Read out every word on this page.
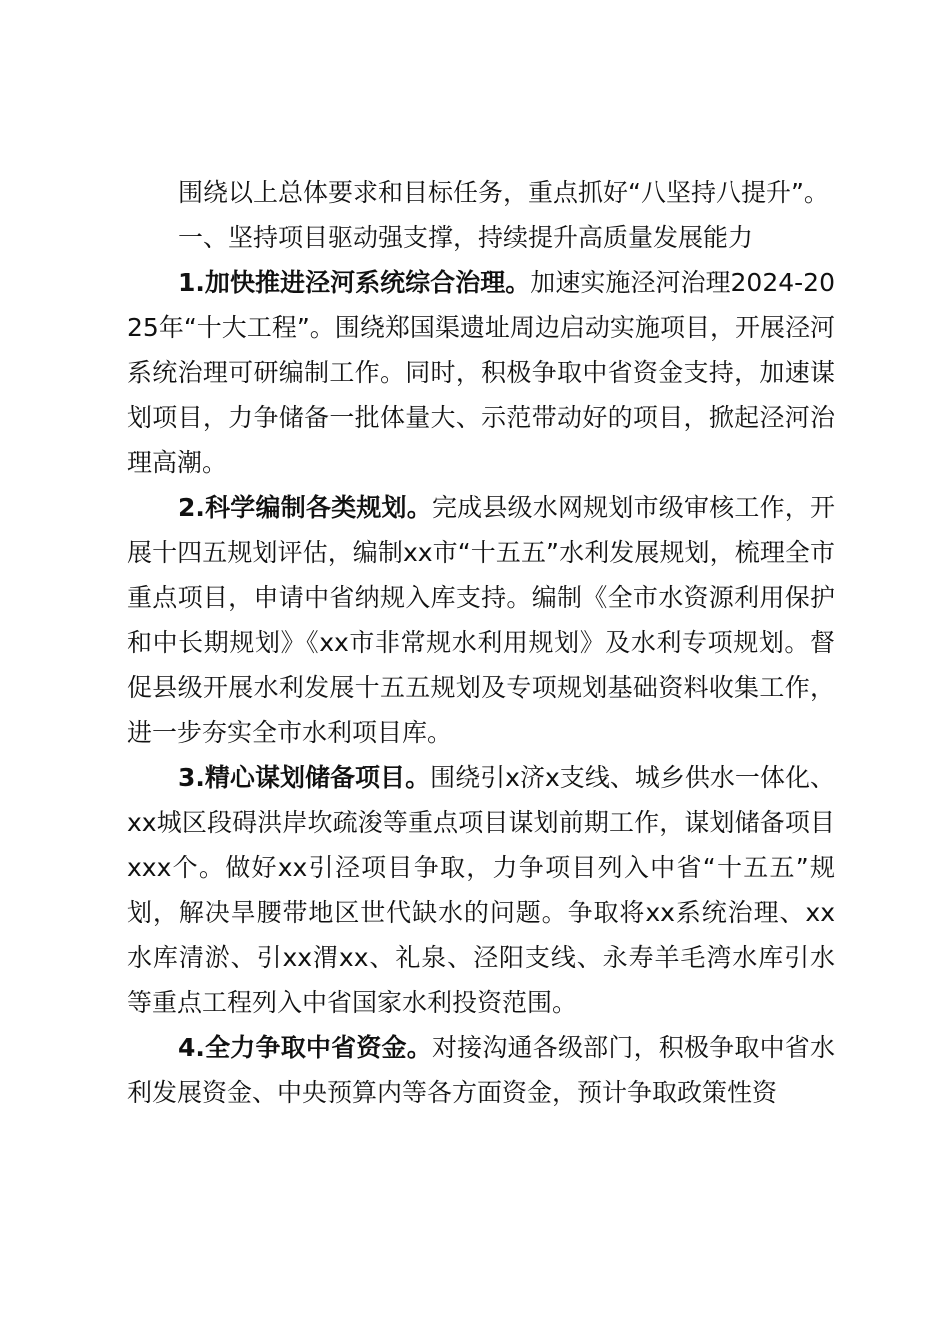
围绕以上总体要求和目标任务，重点抓好“八坚持八提升”。

一、坚持项目驱动强支撑，持续提升高质量发展能力

1.加快推进泾河系统综合治理。加速实施泾河治理2024-2025年“十大工程”。围绕郑国渠遗址周边启动实施项目，开展泾河系统治理可研编制工作。同时，积极争取中省资金支持，加速谋划项目，力争储备一批体量大、示范带动好的项目，掀起泾河治理高潮。

2.科学编制各类规划。完成县级水网规划市级审核工作，开展十四五规划评估，编制xx市“十五五”水利发展规划，梳理全市重点项目，申请中省纳规入库支持。编制《全市水资源利用保护和中长期规划》《xx市非常规水利用规划》及水利专项规划。督促县级开展水利发展十五五规划及专项规划基础资料收集工作，进一步夯实全市水利项目库。

3.精心谋划储备项目。围绕引x济x支线、城乡供水一体化、xx城区段碍洪岸坎疏浚等重点项目谋划前期工作，谋划储备项目xxx个。做好xx引泾项目争取，力争项目列入中省“十五五”规划，解决旱腰带地区世代缺水的问题。争取将xx系统治理、xx水库清淤、引xx渭xx、礼泉、泾阳支线、永寿羊毛湾水库引水等重点工程列入中省国家水利投资范围。

4.全力争取中省资金。对接沟通各级部门，积极争取中省水利发展资金、中央预算内等各方面资金，预计争取政策性资
